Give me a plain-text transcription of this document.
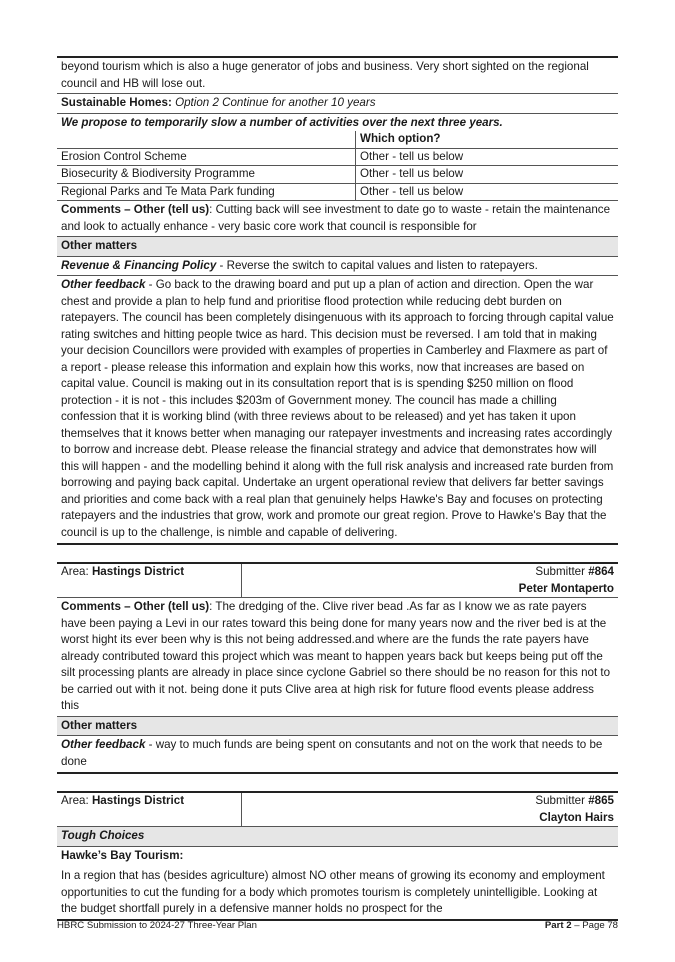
beyond tourism which is also a huge generator of jobs and business. Very short sighted on the regional council and HB will lose out.
Sustainable Homes: Option 2 Continue for another 10 years
We propose to temporarily slow a number of activities over the next three years.
	Which option?
Erosion Control Scheme	Other - tell us below
Biosecurity & Biodiversity Programme	Other - tell us below
Regional Parks and Te Mata Park funding	Other - tell us below
Comments – Other (tell us): Cutting back will see investment to date go to waste - retain the maintenance and look to actually enhance - very basic core work that council is responsible for
Other matters
Revenue & Financing Policy - Reverse the switch to capital values and listen to ratepayers.
Other feedback - Go back to the drawing board and put up a plan of action and direction. Open the war chest and provide a plan to help fund and prioritise flood protection while reducing debt burden on ratepayers. The council has been completely disingenuous with its approach to forcing through capital value rating switches and hitting people twice as hard. This decision must be reversed. I am told that in making your decision Councillors were provided with examples of properties in Camberley and Flaxmere as part of a report - please release this information and explain how this works, now that increases are based on capital value. Council is making out in its consultation report that is is spending $250 million on flood protection - it is not - this includes $203m of Government money. The council has made a chilling confession that it is working blind (with three reviews about to be released) and yet has taken it upon themselves that it knows better when managing our ratepayer investments and increasing rates accordingly to borrow and increase debt. Please release the financial strategy and advice that demonstrates how will this will happen - and the modelling behind it along with the full risk analysis and increased rate burden from borrowing and paying back capital. Undertake an urgent operational review that delivers far better savings and priorities and come back with a real plan that genuinely helps Hawke's Bay and focuses on protecting ratepayers and the industries that grow, work and promote our great region. Prove to Hawke's Bay that the council is up to the challenge, is nimble and capable of delivering.
Area: Hastings District	Submitter #864
Peter Montaperto
Comments – Other (tell us): The dredging of the. Clive river bead .As far as I know we as rate payers have been paying a Levi in our rates toward this being done for many years now and the river bed is at the worst hight its ever been why is this not being addressed.and where are the funds the rate payers have already contributed toward this project which was meant to happen years back but keeps being put off the silt processing plants are already in place since cyclone Gabriel so there should be no reason for this not to be carried out with it not. being done it puts Clive area at high risk for future flood events please address this
Other matters
Other feedback - way to much funds are being spent on consutants and not on the work that needs to be done
Area: Hastings District	Submitter #865
Clayton Hairs
Tough Choices
Hawke’s Bay Tourism:
In a region that has (besides agriculture) almost NO other means of growing its economy and employment opportunities to cut the funding for a body which promotes tourism is completely unintelligible. Looking at the budget shortfall purely in a defensive manner holds no prospect for the
HBRC Submission to 2024-27 Three-Year Plan	Part 2 – Page 78
